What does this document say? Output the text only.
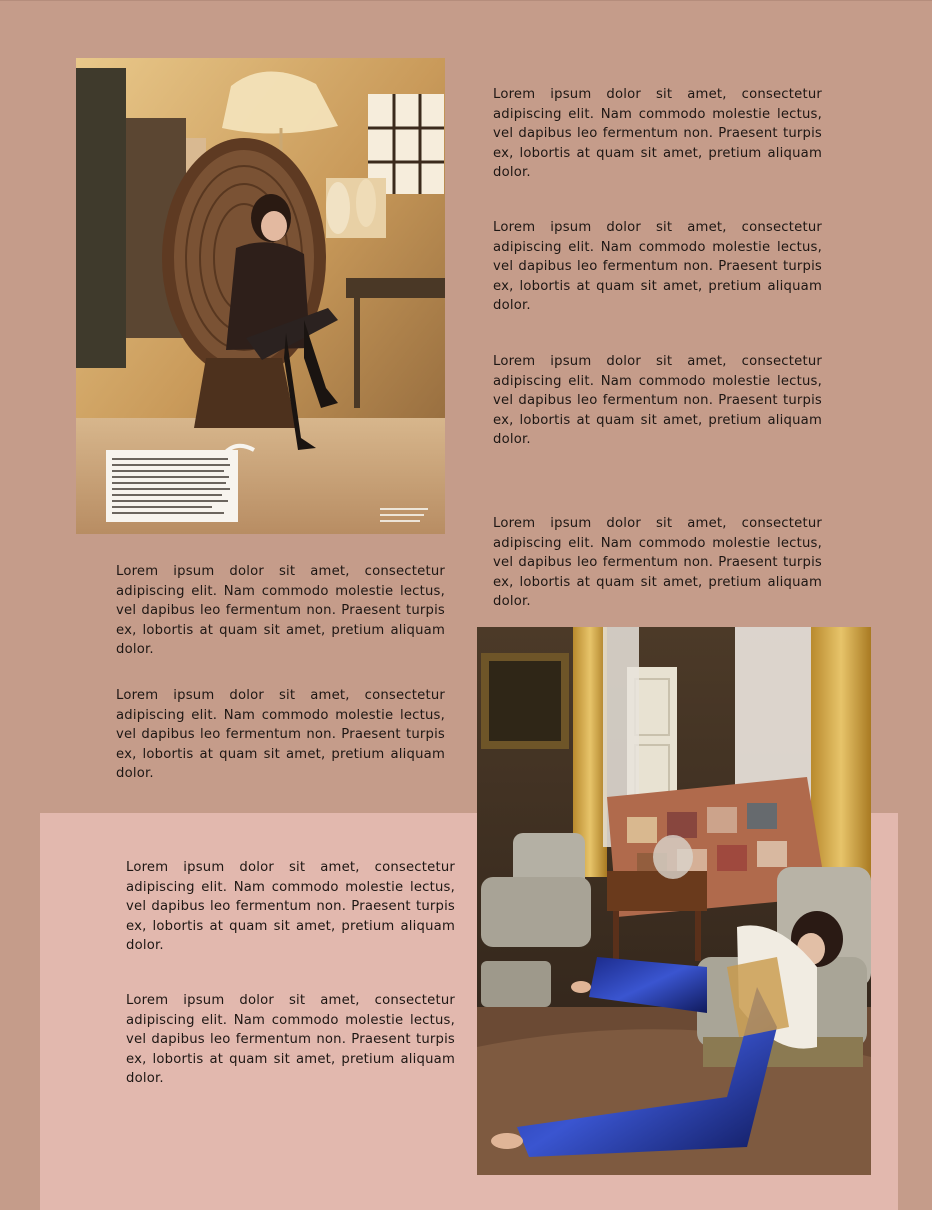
Lorem ipsum dolor sit amet, consectetur adipiscing elit. Nam commodo molestie lectus, vel dapibus leo fermentum non. Praesent turpis ex, lobortis at quam sit amet, pretium aliquam dolor.

Lorem ipsum dolor sit amet, consectetur adipiscing elit. Nam commodo molestie lectus, vel dapibus leo fermentum non. Praesent turpis ex, lobortis at quam sit amet, pretium aliquam dolor.

Lorem ipsum dolor sit amet, consectetur adipiscing elit. Nam commodo molestie lectus, vel dapibus leo fermentum non. Praesent turpis ex, lobortis at quam sit amet, pretium aliquam dolor.

Lorem ipsum dolor sit amet, consectetur adipiscing elit. Nam commodo molestie lectus, vel dapibus leo fermentum non. Praesent turpis ex, lobortis at quam sit amet, pretium aliquam dolor.

Lorem ipsum dolor sit amet, consectetur adipiscing elit. Nam commodo molestie lectus, vel dapibus leo fermentum non. Praesent turpis ex, lobortis at quam sit amet, pretium aliquam dolor.

Lorem ipsum dolor sit amet, consectetur adipiscing elit. Nam commodo molestie lectus, vel dapibus leo fermentum non. Praesent turpis ex, lobortis at quam sit amet, pretium aliquam dolor.

Lorem ipsum dolor sit amet, consectetur adipiscing elit. Nam commodo molestie lectus, vel dapibus leo fermentum non. Praesent turpis ex, lobortis at quam sit amet, pretium aliquam dolor.

Lorem ipsum dolor sit amet, consectetur adipiscing elit. Nam commodo molestie lectus, vel dapibus leo fermentum non. Praesent turpis ex, lobortis at quam sit amet, pretium aliquam dolor.
